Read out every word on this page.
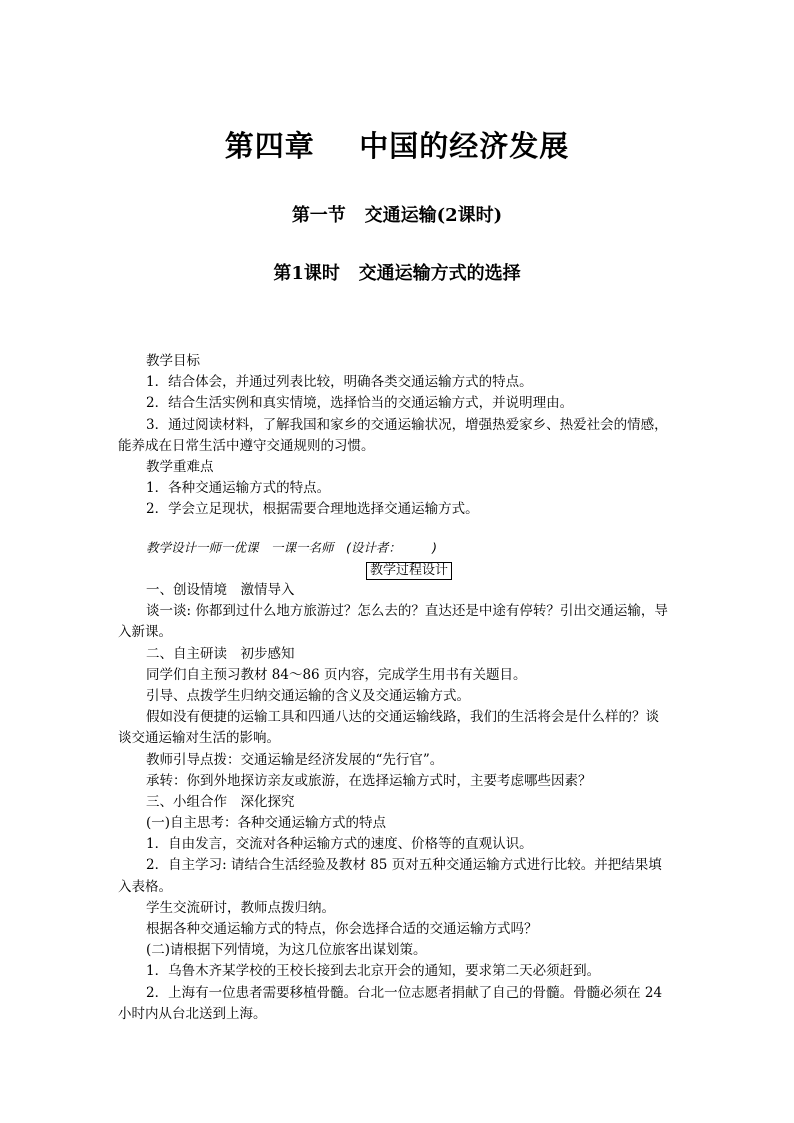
第四章 中国的经济发展
第一节 交通运输(2课时)
第1课时 交通运输方式的选择
教学目标
1．结合体会，并通过列表比较，明确各类交通运输方式的特点。
2．结合生活实例和真实情境，选择恰当的交通运输方式，并说明理由。
3．通过阅读材料，了解我国和家乡的交通运输状况，增强热爱家乡、热爱社会的情感，
能养成在日常生活中遵守交通规则的习惯。
教学重难点
1．各种交通运输方式的特点。
2．学会立足现状，根据需要合理地选择交通运输方式。
教学设计一师一优课　一课一名师　(设计者：　　　)
教学过程设计
一、创设情境　激情导入
谈一谈: 你都到过什么地方旅游过？怎么去的？直达还是中途有停转？引出交通运输，导
入新课。
二、自主研读　初步感知
同学们自主预习教材 84～86 页内容，完成学生用书有关题目。
引导、点拨学生归纳交通运输的含义及交通运输方式。
假如没有便捷的运输工具和四通八达的交通运输线路，我们的生活将会是什么样的？谈
谈交通运输对生活的影响。
教师引导点拨：交通运输是经济发展的“先行官”。
承转：你到外地探访亲友或旅游，在选择运输方式时，主要考虑哪些因素？
三、小组合作　深化探究
(一)自主思考：各种交通运输方式的特点
1．自由发言，交流对各种运输方式的速度、价格等的直观认识。
2．自主学习: 请结合生活经验及教材 85 页对五种交通运输方式进行比较。并把结果填
入表格。
学生交流研讨，教师点拨归纳。
根据各种交通运输方式的特点，你会选择合适的交通运输方式吗？
(二)请根据下列情境，为这几位旅客出谋划策。
1．乌鲁木齐某学校的王校长接到去北京开会的通知，要求第二天必须赶到。
2．上海有一位患者需要移植骨髓。台北一位志愿者捐献了自己的骨髓。骨髓必须在 24
小时内从台北送到上海。
